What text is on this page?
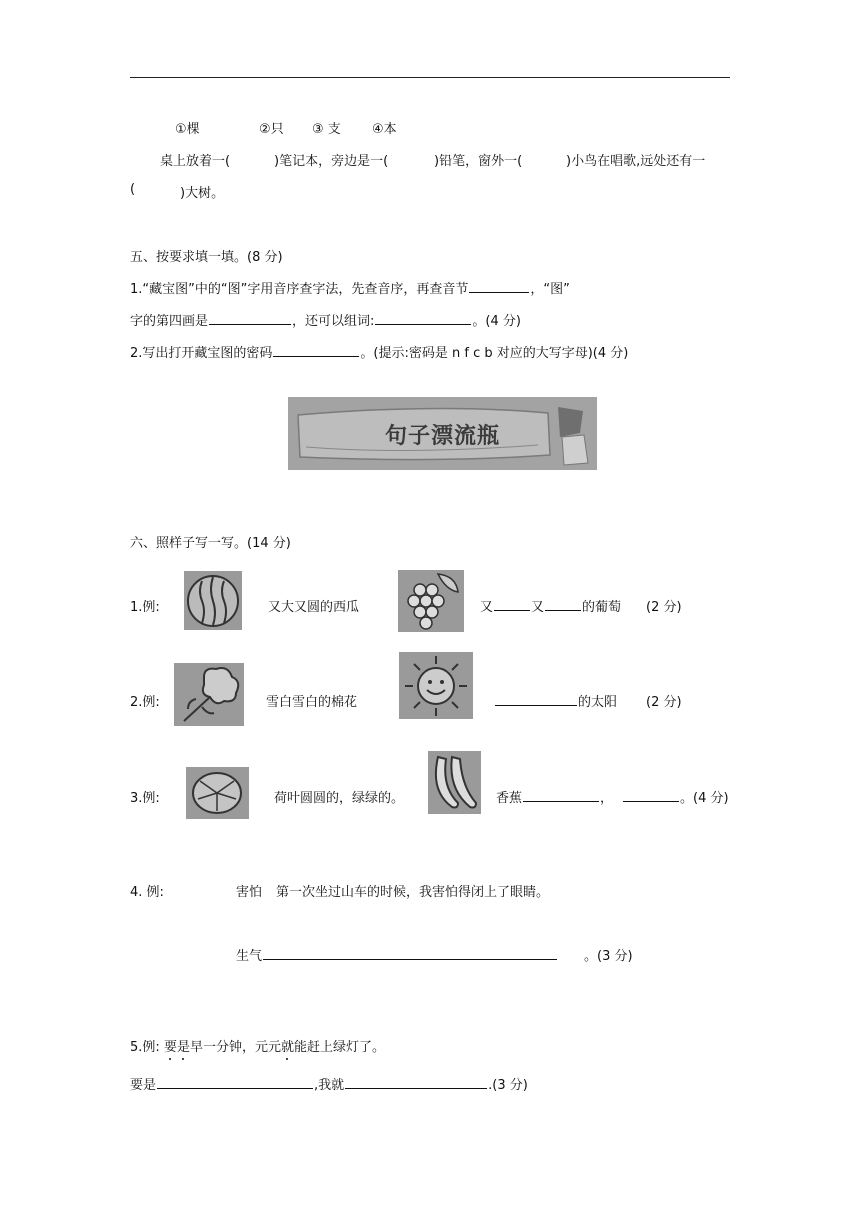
①棵	②只 ③ 支 ④本
桌上放着一(	)笔记本，旁边是一(	)铅笔，窗外一(	)小鸟在唱歌,远处还有一
(	)大树。
五、按要求填一填。(8 分)
1.“藏宝图”中的“图”字用音序查字法，先查音序，再查音节	，“图”
字的第四画是	，还可以组词:	。(4 分)
2.写出打开藏宝图的密码	。(提示:密码是 n f c b 对应的大写字母)(4 分)
句子漂流瓶
六、照样子写一写。(14 分)
1.例:	又大又圆的西瓜	又	又	的葡萄 (2 分)
2.例:	雪白雪白的棉花	的太阳 (2 分)
3.例:	荷叶圆圆的，绿绿的。	香蕉	，	。(4 分)
4. 例:	害怕 第一次坐过山车的时候，我害怕得闭上了眼睛。
生气	。(3 分)
5.例: 要是早一分钟，元元就能赶上绿灯了。
要是	,我就	.(3 分)
